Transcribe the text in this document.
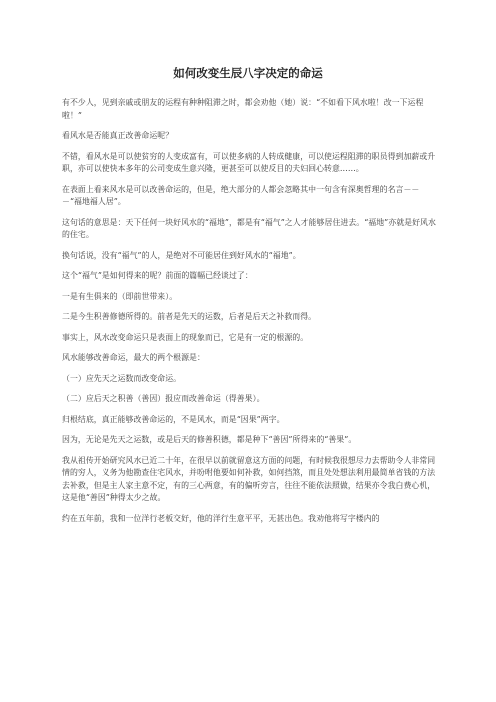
如何改变生辰八字决定的命运

有不少人，见到亲戚或朋友的运程有种种阻滞之时，都会劝他（她）说：“不如看下风水啦！改一下运程啦！”

看风水是否能真正改善命运呢？

不错，看风水是可以使贫穷的人变成富有，可以使多病的人转成健康，可以使运程阻滞的职员得到加薪或升职，亦可以使快本多年的公司变成生意兴隆，更甚至可以使反目的夫妇回心转意……。

在表面上看来风水是可以改善命运的，但是，绝大部分的人都会忽略其中一句含有深奥哲理的名言－－－“福地福人居”。

这句话的意思是：天下任何一块好风水的“福地”，都是有“福气”之人才能够居住进去。“福地”亦就是好风水的住宅。

换句话说，没有“福气”的人，是绝对不可能居住到好风水的“福地”。

这个“福气”是如何得来的呢？前面的篇幅已经谈过了：

一是有生俱来的（即前世带来）。

二是今生积善修德所得的。前者是先天的运数，后者是后天之补救而得。

事实上，风水改变命运只是表面上的现象而已，它是有一定的根源的。

风水能够改善命运，最大的两个根源是：

（一）应先天之运数而改变命运。

（二）应后天之积善（善因）报应而改善命运（得善果）。

归根结底，真正能够改善命运的，不是风水，而是“因果”两字。

因为，无论是先天之运数，或是后天的修善积德，都是种下“善因”所得来的“善果”。

我从祖传开始研究风水已近二十年，在很早以前就留意这方面的问题，有时候我很想尽力去帮助令人非常同情的穷人，义务为他勘查住宅风水，并吩咐他要如何补救，如何挡煞，而且处处想法利用最简单省钱的方法去补救，但是主人家主意不定，有的三心两意，有的偏听旁言，往往不能依法照做，结果亦令我白费心机，这是他“善因”种得太少之故。

约在五年前，我和一位洋行老板交好，他的洋行生意平平，无甚出色。我劝他将写字楼内的
